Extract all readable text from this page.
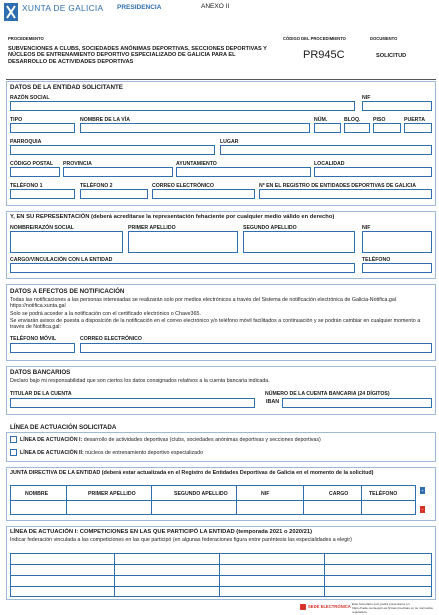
XUNTA DE GALICIA	PRESIDENCIA	ANEXO II
PROCEDEMENTO	CÓDIGO DEL PROCEDIMIENTO	DOCUMENTO
SUBVENCIONES A CLUBS, SOCIEDADES ANÓNIMAS DEPORTIVAS, SECCIONES DEPORTIVAS Y NÚCLEOS DE ENTRENAMIENTO DEPORTIVO ESPECIALIZADO DE GALICIA PARA EL DESARROLLO DE ACTIVIDADES DEPORTIVAS
PR945C	SOLICITUD
DATOS DE LA ENTIDAD SOLICITANTE
RAZÓN SOCIAL	NIF
TIPO	NOMBRE DE LA VÍA	NÚM.	BLOQ. PISO	PUERTA
PARROQUIA	LUGAR
CÓDIGO POSTAL PROVINCIA	AYUNTAMIENTO	LOCALIDAD
TELÉFONO 1	TELÉFONO 2	CORREO ELECTRÓNICO	Nº EN EL REGISTRO DE ENTIDADES DEPORTIVAS DE GALICIA
Y, EN SU REPRESENTACIÓN (deberá acreditarse la representación fehaciente por cualquier medio válido en derecho)
NOMBRE/RAZÓN SOCIAL	PRIMER APELLIDO	SEGUNDO APELLIDO	NIF
CARGO/VINCULACIÓN CON LA ENTIDAD	TELÉFONO
DATOS A EFECTOS DE NOTIFICACIÓN
Todas las notificaciones a las personas interesadas se realizarán solo por medios electrónicos a través del Sistema de notificación electrónica de Galicia-Notifica.gal https://notifica.xunta.gal
Solo se podrá acceder a la notificación con el certificado electrónico o Chave365.
Se enviarán avisos de puesta a disposición de la notificación en el correo electrónico y/o teléfono móvil facilitados a continuación y se podrán cambiar en cualquier momento a través de Notifica.gal:
TELÉFONO MÓVIL	CORREO ELECTRÓNICO
DATOS BANCARIOS
Declaro bajo mi responsabilidad que son ciertos los datos consignados relativos a la cuenta bancaria indicada.
TITULAR DE LA CUENTA	NÚMERO DE LA CUENTA BANCARIA (24 DÍGITOS)
IBAN
LÍNEA DE ACTUACIÓN SOLICITADA
LÍNEA DE ACTUACIÓN I: desarrollo de actividades deportivas (clubs, sociedades anónimas deportivas y secciones deportivas)
LÍNEA DE ACTUACIÓN II: núcleos de entrenamiento deportivo especializado
JUNTA DIRECTIVA DE LA ENTIDAD (deberá estar actualizada en el Registro de Entidades Deportivas de Galicia en el momento de la solicitud)
NOMBRE	PRIMER APELLIDO	SEGUNDO APELLIDO	NIF	CARGO	TELÉFONO
+
−
LÍNEA DE ACTUACIÓN I: COMPETICIONES EN LAS QUE PARTICIPÓ LA ENTIDAD (temporada 2021 o 2020/21)
Indicar federación vinculada a las competiciones en las que participó (en algunas federaciones figura entre paréntesis las especialidades a elegir)
SEDE ELECTRÓNICA Este formulario solo podrá presentarse en https://sede.xunta.gal Las firmas previstas en su normativa reguladora
